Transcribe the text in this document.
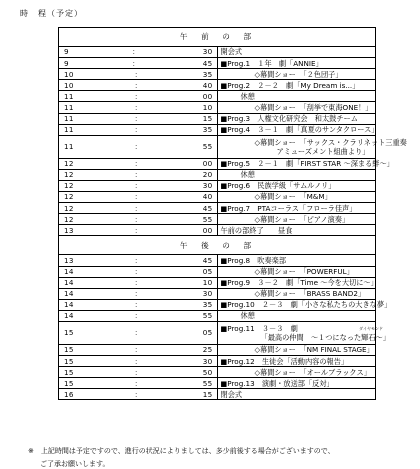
時　程（予定）
午　前　の　部	
9：30	開会式
9：45	■Prog.1　１年　劇「ANNIE」
10：35	◇幕間ショー　「２色団子」
10：40	■Prog.2　２－２　劇「My Dream is...」
11：00	休憩
11：10	◇幕間ショー　「刮挙で東海ONE！」
11：15	■Prog.3　人権文化研究会　和太鼓チーム
11：35	■Prog.4　３－１　劇「真夏のサンタクロース」
11：55	◇幕間ショー　「サックス・クラリネット三重奏
アミューズメント組曲より」

12：00	■Prog.5　２－１　劇「FIRST STAR ～深まる絆～」
12：20	休憩
12：30	■Prog.6　民族学級「サムルノリ」
12：40	◇幕間ショー　「M&M」
12：45	■Prog.7　PTAコーラス「フローラ佳声」
12：55	◇幕間ショー　「ピアノ演奏」
13：00	午前の部終了　　昼食
午　後　の　部	
13：45	■Prog.8　吹奏楽部
14：05	◇幕間ショー　「POWERFUL」
14：10	■Prog.9　３－２　劇「Time ～今を大切に～」
14：30	◇幕間ショー　「BRASS BAND2」
14：35	■Prog.10　２－３　劇「小さな私たちの大きな夢」
14：55	休憩
15：05	■Prog.11　３－３　劇
「最高の仲間　～１つになった
ダイヤモンド
輝石～」

15：25	◇幕間ショー　「NM FINAL STAGE」
15：30	■Prog.12　生徒会「活動内容の報告」
15：50	◇幕間ショー　「オールブラックス」
15：55	■Prog.13　演劇・放送部「反対」
16：15	閉会式
※　上記時間は予定ですので、進行の状況によりましては、多少前後する場合がございますので、
ご了承お願いします。
